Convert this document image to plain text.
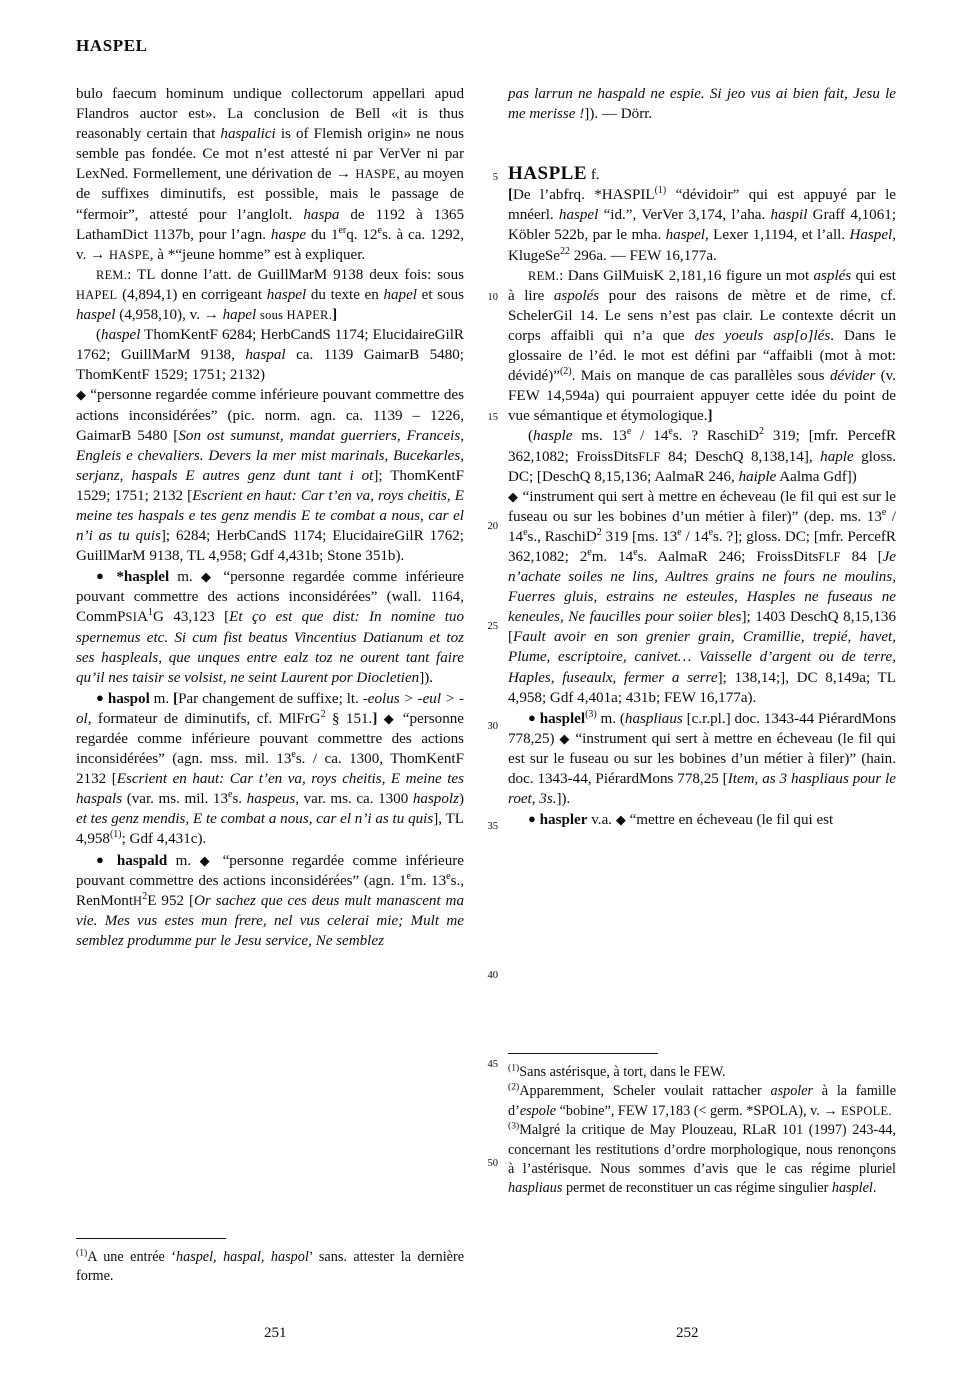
HASPEL
5
10
15
20
25
30
35
40
45
50

bulo faecum hominum undique collectorum appellari apud Flandros auctor est». La conclusion de Bell «it is thus reasonably certain that haspalici is of Flemish origin» ne nous semble pas fondée. Ce mot n’est attesté ni par VerVer ni par LexNed. Formellement, une dérivation de → HASPE, au moyen de suffixes diminutifs, est possible, mais le passage de “fermoir”, attesté pour l’anglolt. haspa de 1192 à 1365 LathamDict 1137b, pour l’agn. haspe du 1erq. 12es. à ca. 1292, v. → HASPE, à *“jeune homme” est à expliquer.

REM.: TL donne l’att. de GuillMarM 9138 deux fois: sous HAPEL (4,894,1) en corrigeant haspel du texte en hapel et sous haspel (4,958,10), v. → hapel sous HAPER.]

(haspel ThomKentF 6284; HerbCandS 1174; ElucidaireGilR 1762; GuillMarM 9138, haspal ca. 1139 GaimarB 5480; ThomKentF 1529; 1751; 2132)

◆ “personne regardée comme inférieure pouvant commettre des actions inconsidérées” (pic. norm. agn. ca. 1139 – 1226, GaimarB 5480 [Son ost sumunst, mandat guerriers, Franceis, Engleis e chevaliers. Devers la mer mist marinals, Bucekarles, serjanz, haspals E autres genz dunt tant i ot]; ThomKentF 1529; 1751; 2132 [Escrient en haut: Car t’en va, roys cheitis, E meine tes haspals e tes genz mendis E te combat a nous, car el n’i as tu quis]; 6284; HerbCandS 1174; ElucidaireGilR 1762; GuillMarM 9138, TL 4,958; Gdf 4,431b; Stone 351b).

● *hasplel m. ◆ “personne regardée comme inférieure pouvant commettre des actions inconsidérées” (wall. 1164, CommPSIA$^1$G 43,123 [Et ço est que dist: In nomine tuo spernemus etc. Si cum fist beatus Vincentius Datianum et toz ses haspleals, que unques entre ealz toz ne ourent tant faire qu’il nes taisir se volsist, ne seint Laurent por Diocletien]).

● haspol m. [Par changement de suffixe; lt. -eolus > -eul > -ol, formateur de diminutifs, cf. MlFrG$^2$ § 151.] ◆ “personne regardée comme inférieure pouvant commettre des actions inconsidérées” (agn. mss. mil. 13es. / ca. 1300, ThomKentF 2132 [Escrient en haut: Car t’en va, roys cheitis, E meine tes haspals (var. ms. mil. 13es. haspeus, var. ms. ca. 1300 haspolz) et tes genz mendis, E te combat a nous, car el n’i as tu quis], TL 4,958$^{(1)}$; Gdf 4,431c).

● haspald m. ◆ “personne regardée comme inférieure pouvant commettre des actions inconsidérées” (agn. 1em. 13es., RenMontH$^2$E 952 [Or sachez que ces deus mult manascent ma vie. Mes vus estes mun frere, nel vus celerai mie; Mult me semblez produmme pur le Jesu service, Ne semblez

pas larrun ne haspald ne espie. Si jeo vus ai bien fait, Jesu le me merisse !]). — Dörr.

HASPLE f.

[De l’abfrq. *HASPIL$^{(1)}$ “dévidoir” qui est appuyé par le mnéerl. haspel “id.”, VerVer 3,174, l’aha. haspil Graff 4,1061; Köbler 522b, par le mha. haspel, Lexer 1,1194, et l’all. Haspel, KlugeSe$^{22}$ 296a. — FEW 16,177a.

REM.: Dans GilMuisK 2,181,16 figure un mot asplés qui est à lire aspolés pour des raisons de mètre et de rime, cf. SchelerGil 14. Le sens n’est pas clair. Le contexte décrit un corps affaibli qui n’a que des yoeuls asp[o]lés. Dans le glossaire de l’éd. le mot est défini par “affaibli (mot à mot: dévidé)”$^{(2)}$. Mais on manque de cas parallèles sous dévider (v. FEW 14,594a) qui pourraient appuyer cette idée du point de vue sémantique et étymologique.]

(hasple ms. 13e / 14es. ? RaschiD$^2$ 319; [mfr. PercefR 362,1082; FroissDitsFLF 84; DeschQ 8,138,14], haple gloss. DC; [DeschQ 8,15,136; AalmaR 246, haiple Aalma Gdf])

◆ “instrument qui sert à mettre en écheveau (le fil qui est sur le fuseau ou sur les bobines d’un métier à filer)” (dep. ms. 13e / 14es., RaschiD$^2$ 319 [ms. 13e / 14es. ?]; gloss. DC; [mfr. PercefR 362,1082; 2em. 14es. AalmaR 246; FroissDitsFLF 84 [Je n’achate soiles ne lins, Aultres grains ne fours ne moulins, Fuerres gluis, estrains ne esteules, Hasples ne fuseaus ne keneules, Ne faucilles pour soiier bles]; 1403 DeschQ 8,15,136 [Fault avoir en son grenier grain, Cramillie, trepié, havet, Plume, escriptoire, canivet… Vaisselle d’argent ou de terre, Haples, fuseaulx, fermer a serre]; 138,14;], DC 8,149a; TL 4,958; Gdf 4,401a; 431b; FEW 16,177a).

● hasplel$^{(3)}$ m. (haspliaus [c.r.pl.] doc. 1343-44 PiérardMons 778,25) ◆ “instrument qui sert à mettre en écheveau (le fil qui est sur le fuseau ou sur les bobines d’un métier à filer)” (hain. doc. 1343-44, PiérardMons 778,25 [Item, as 3 haspliaus pour le roet, 3s.]).

● haspler v.a. ◆ “mettre en écheveau (le fil qui est

$^{(1)}$A une entrée ‘haspel, haspal, haspol’ sans. attester la dernière forme.

$^{(1)}$Sans astérisque, à tort, dans le FEW.

$^{(2)}$Apparemment, Scheler voulait rattacher aspoler à la famille d’espole “bobine”, FEW 17,183 (< germ. *SPOLA), v. → ESPOLE.

$^{(3)}$Malgré la critique de May Plouzeau, RLaR 101 (1997) 243-44, concernant les restitutions d’ordre morphologique, nous renonçons à l’astérisque. Nous sommes d’avis que le cas régime pluriel haspliaus permet de reconstituer un cas régime singulier hasplel.

251	252
